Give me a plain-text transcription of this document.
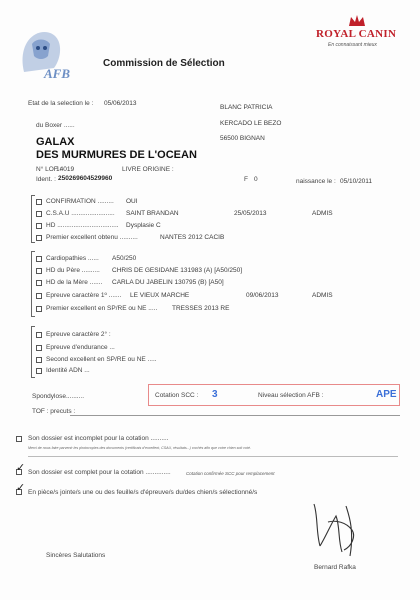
AFB
Commission de Sélection
ROYAL CANIN
En connaissant mieux
Etat de la selection le : 05/06/2013
BLANC PATRICIA
KERCADO LE BEZO
56500 BIGNAN
du Boxer ......
GALAX
DES MURMURES DE L'OCEAN
N° LOF :
14019	LIVRE ORIGINE :
Ident. : 250269604529960	F 0	naissance le : 05/10/2011
CONFIRMATION ......... OUI
C.S.A.U ........................ SAINT BRANDAN	25/05/2013	ADMIS
HD .................................. Dysplasie C
Premier excellent obtenu ..........	NANTES 2012 CACIB
Cardiopathies ...... A50/250
HD du Père .......... CHRIS DE GESIDANE 131983 (A) [A50/250]
HD de la Mère ....... CARLA DU JABELIN 130795 (B) [A50]
Epreuve caractère 1º ....... LE VIEUX MARCHE	09/06/2013	ADMIS
Premier excellent en SP/RE ou NE ..... TRESSES 2013 RE
Epreuve caractère 2° :
Epreuve d'endurance ...
Second excellent en SP/RE ou NE .....
Identité ADN ...
Spondylose..........	Cotation SCC : 3	Niveau sélection AFB :	APE
TOF : precuts :
Son dossier est incomplet pour la cotation ..........
Merci de nous faire parvenir les photocopies des documents (certificats d'excellent, CSAU, résultats...) cochés afin que votre chien soit coté.
✓ Son dossier est complet pour la cotation ..............	Cotation confirmée SCC pour remplacement
✓ En pièce/s jointe/s une ou des feuille/s d'épreuve/s du/des chien/s sélectionné/s
Sincères Salutations
Bernard Rafka
